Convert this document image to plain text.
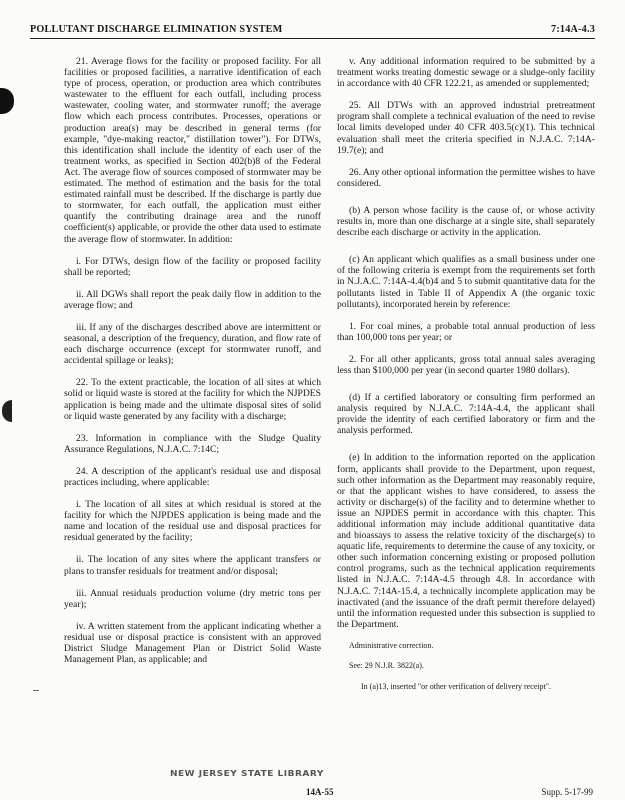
POLLUTANT DISCHARGE ELIMINATION SYSTEM	7:14A-4.3

21. Average flows for the facility or proposed facility. For all facilities or proposed facilities, a narrative identification of each type of process, operation, or production area which contributes wastewater to the effluent for each outfall, including process wastewater, cooling water, and stormwater runoff; the average flow which each process contributes. Processes, operations or production area(s) may be described in general terms (for example, "dye-making reactor," distillation tower"). For DTWs, this identification shall include the identity of each user of the treatment works, as specified in Section 402(b)8 of the Federal Act. The average flow of sources composed of stormwater may be estimated. The method of estimation and the basis for the total estimated rainfall must be described. If the discharge is partly due to stormwater, for each outfall, the application must either quantify the contributing drainage area and the runoff coefficient(s) applicable, or provide the other data used to estimate the average flow of stormwater. In addition:

i. For DTWs, design flow of the facility or proposed facility shall be reported;

ii. All DGWs shall report the peak daily flow in addition to the average flow; and

iii. If any of the discharges described above are intermittent or seasonal, a description of the frequency, duration, and flow rate of each discharge occurrence (except for stormwater runoff, and accidental spillage or leaks);

22. To the extent practicable, the location of all sites at which solid or liquid waste is stored at the facility for which the NJPDES application is being made and the ultimate disposal sites of solid or liquid waste generated by any facility with a discharge;

23. Information in compliance with the Sludge Quality Assurance Regulations, N.J.A.C. 7:14C;

24. A description of the applicant's residual use and disposal practices including, where applicable:

i. The location of all sites at which residual is stored at the facility for which the NJPDES application is being made and the name and location of the residual use and disposal practices for residual generated by the facility;

ii. The location of any sites where the applicant transfers or plans to transfer residuals for treatment and/or disposal;

iii. Annual residuals production volume (dry metric tons per year);

iv. A written statement from the applicant indicating whether a residual use or disposal practice is consistent with an approved District Sludge Management Plan or District Solid Waste Management Plan, as applicable; and

v. Any additional information required to be submitted by a treatment works treating domestic sewage or a sludge-only facility in accordance with 40 CFR 122.21, as amended or supplemented;

25. All DTWs with an approved industrial pretreatment program shall complete a technical evaluation of the need to revise local limits developed under 40 CFR 403.5(c)(1). This technical evaluation shall meet the criteria specified in N.J.A.C. 7:14A-19.7(e); and

26. Any other optional information the permittee wishes to have considered.

(b) A person whose facility is the cause of, or whose activity results in, more than one discharge at a single site, shall separately describe each discharge or activity in the application.

(c) An applicant which qualifies as a small business under one of the following criteria is exempt from the requirements set forth in N.J.A.C. 7:14A-4.4(b)4 and 5 to submit quantitative data for the pollutants listed in Table II of Appendix A (the organic toxic pollutants), incorporated herein by reference:

1. For coal mines, a probable total annual production of less than 100,000 tons per year; or

2. For all other applicants, gross total annual sales averaging less than $100,000 per year (in second quarter 1980 dollars).

(d) If a certified laboratory or consulting firm performed an analysis required by N.J.A.C. 7:14A-4.4, the applicant shall provide the identity of each certified laboratory or firm and the analysis performed.

(e) In addition to the information reported on the application form, applicants shall provide to the Department, upon request, such other information as the Department may reasonably require, or that the applicant wishes to have considered, to assess the activity or discharge(s) of the facility and to determine whether to issue an NJPDES permit in accordance with this chapter. This additional information may include additional quantitative data and bioassays to assess the relative toxicity of the discharge(s) to aquatic life, requirements to determine the cause of any toxicity, or other such information concerning existing or proposed pollution control programs, such as the technical application requirements listed in N.J.A.C. 7:14A-4.5 through 4.8. In accordance with N.J.A.C. 7:14A-15.4, a technically incomplete application may be inactivated (and the issuance of the draft permit therefore delayed) until the information requested under this subsection is supplied to the Department.

Administrative correction.

See: 29 N.J.R. 3822(a).

In (a)13, inserted "or other verification of delivery receipt".

NEW JERSEY STATE LIBRARY
14A-55	Supp. 5-17-99
